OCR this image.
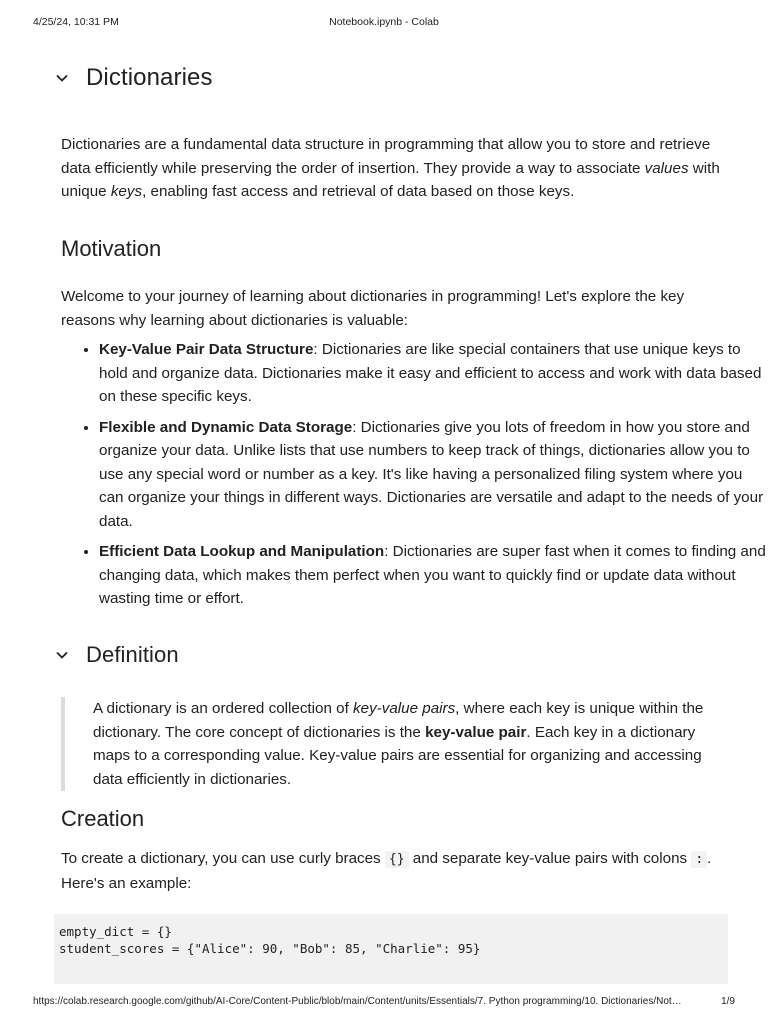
4/25/24, 10:31 PM	Notebook.ipynb - Colab
Dictionaries
Dictionaries are a fundamental data structure in programming that allow you to store and retrieve data efficiently while preserving the order of insertion. They provide a way to associate values with unique keys, enabling fast access and retrieval of data based on those keys.
Motivation
Welcome to your journey of learning about dictionaries in programming! Let's explore the key reasons why learning about dictionaries is valuable:
• Key-Value Pair Data Structure: Dictionaries are like special containers that use unique keys to hold and organize data. Dictionaries make it easy and efficient to access and work with data based on these specific keys.
• Flexible and Dynamic Data Storage: Dictionaries give you lots of freedom in how you store and organize your data. Unlike lists that use numbers to keep track of things, dictionaries allow you to use any special word or number as a key. It's like having a personalized filing system where you can organize your things in different ways. Dictionaries are versatile and adapt to the needs of your data.
• Efficient Data Lookup and Manipulation: Dictionaries are super fast when it comes to finding and changing data, which makes them perfect when you want to quickly find or update data without wasting time or effort.
Definition
A dictionary is an ordered collection of key-value pairs, where each key is unique within the dictionary. The core concept of dictionaries is the key-value pair. Each key in a dictionary maps to a corresponding value. Key-value pairs are essential for organizing and accessing data efficiently in dictionaries.
Creation
To create a dictionary, you can use curly braces {} and separate key-value pairs with colons : . Here's an example:
empty_dict = {}
student_scores = {"Alice": 90, "Bob": 85, "Charlie": 95}
https://colab.research.google.com/github/AI-Core/Content-Public/blob/main/Content/units/Essentials/7. Python programming/10. Dictionaries/Not…	1/9
